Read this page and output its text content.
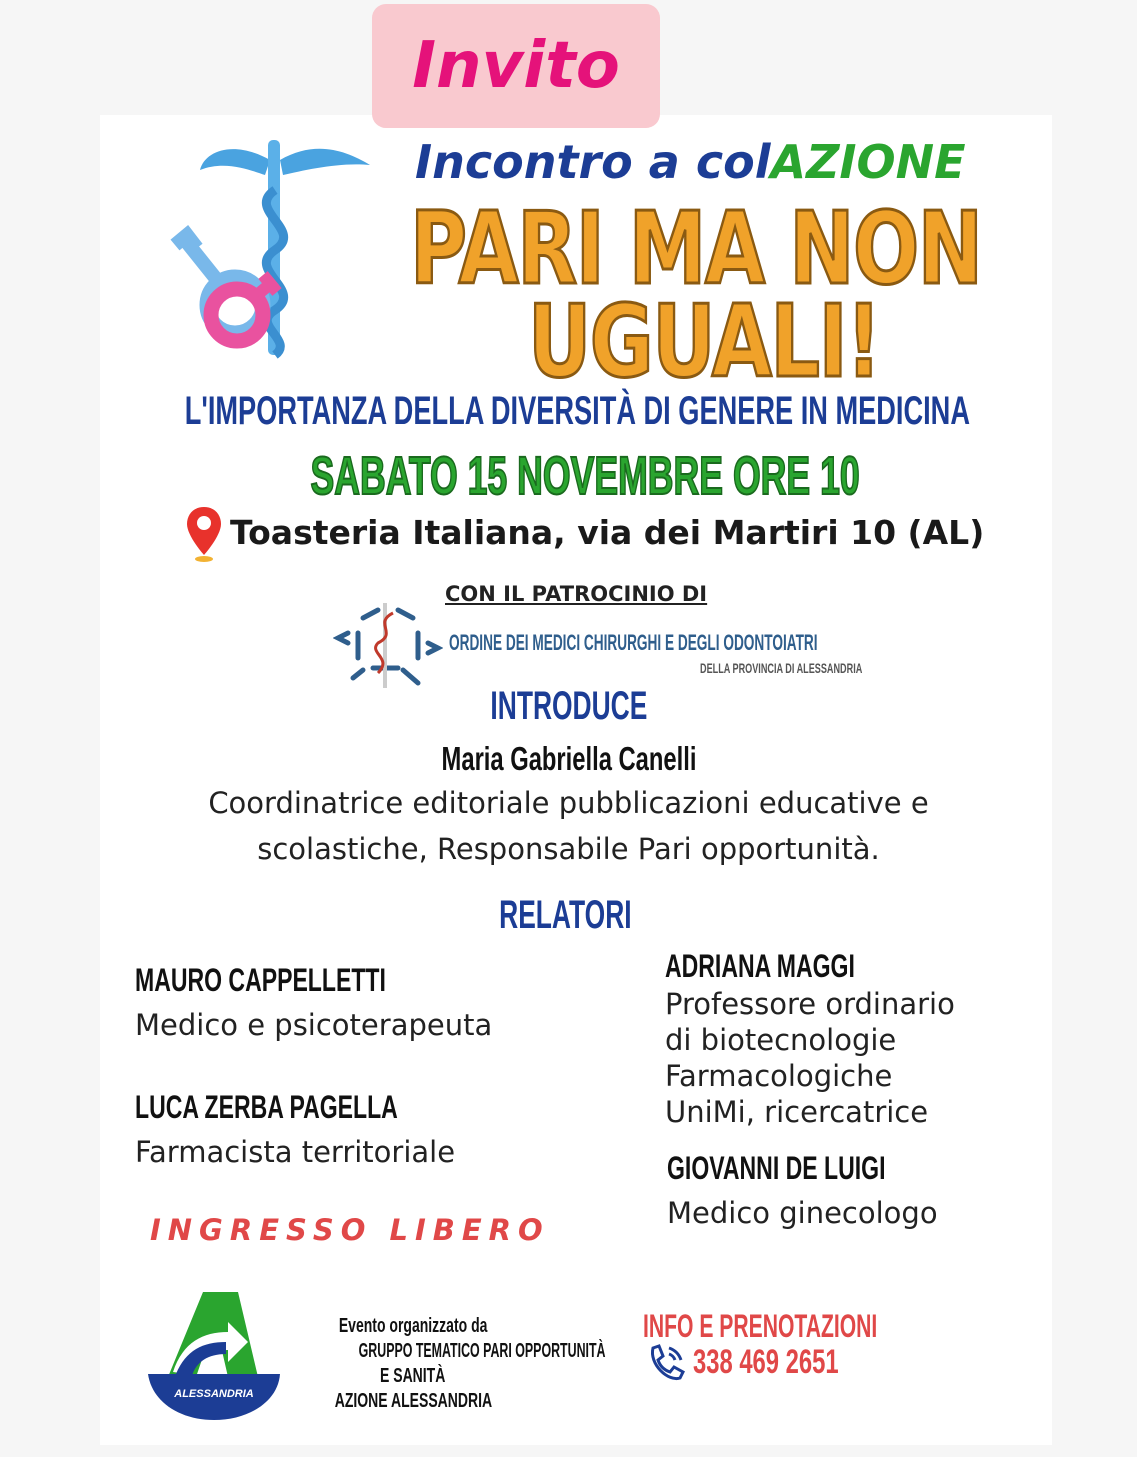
Invito
Incontro a colAZIONE
PARI MA NON
UGUALI!
L'IMPORTANZA DELLA DIVERSITÀ DI GENERE IN MEDICINA
SABATO 15 NOVEMBRE ORE 10
Toasteria Italiana, via dei Martiri 10 (AL)
CON IL PATROCINIO DI
ORDINE DEI MEDICI CHIRURGHI E DEGLI ODONTOIATRI
DELLA PROVINCIA DI ALESSANDRIA
INTRODUCE
Maria Gabriella Canelli
Coordinatrice editoriale pubblicazioni educative e
scolastiche, Responsabile Pari opportunità.
RELATORI
MAURO CAPPELLETTI
Medico e psicoterapeuta
LUCA ZERBA PAGELLA
Farmacista territoriale
ADRIANA MAGGI
Professore ordinario
di biotecnologie
Farmacologiche
UniMi, ricercatrice
GIOVANNI DE LUIGI
Medico ginecologo
INGRESSO LIBERO
ALESSANDRIA
Evento organizzato da
GRUPPO TEMATICO PARI OPPORTUNITÀ
E SANITÀ
AZIONE ALESSANDRIA
INFO E PRENOTAZIONI
338 469 2651
